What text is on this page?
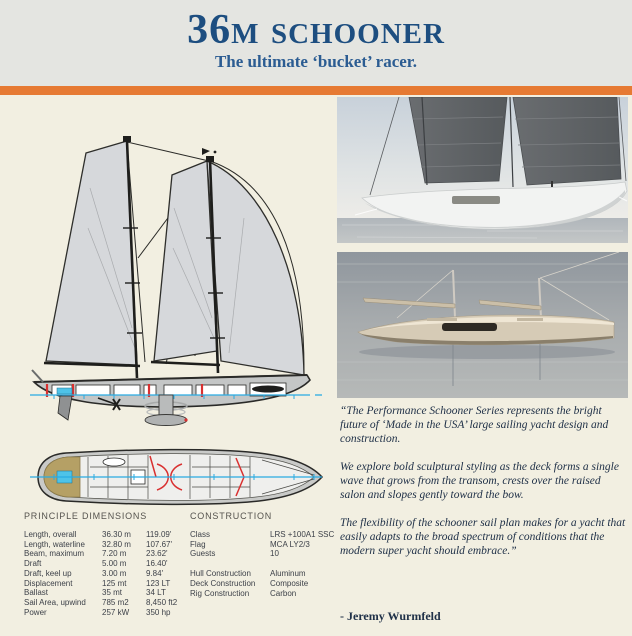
36m schooner
The ultimate ‘bucket’ racer.

“The Performance Schooner Series represents the bright future of ‘Made in the USA’ large sailing yacht design and construction.

We explore bold sculptural styling as the deck forms a single wave that grows from the transom, crests over the raised salon and slopes gently toward the bow.

The flexibility of the schooner sail plan makes for a yacht that easily adapts to the broad spectrum of conditions that the modern super yacht should embrace.”

- Jeremy Wurmfeld
PRINCIPLE DIMENSIONS
Length, overall	36.30 m	119.09'
Length, waterline	32.80 m	107.67'
Beam, maximum	7.20 m	23.62'
Draft	5.00 m	16.40'
Draft, keel up	3.00 m	9.84'
Displacement	125 mt	123 LT
Ballast	35 mt	34 LT
Sail Area, upwind	785 m2	8,450 ft2
Power	257 kW	350 hp
CONSTRUCTION
Class	LRS +100A1 SSC
Flag	MCA LY2/3
Guests	10
Hull Construction	Aluminum
Deck Construction	Composite
Rig Construction	Carbon
